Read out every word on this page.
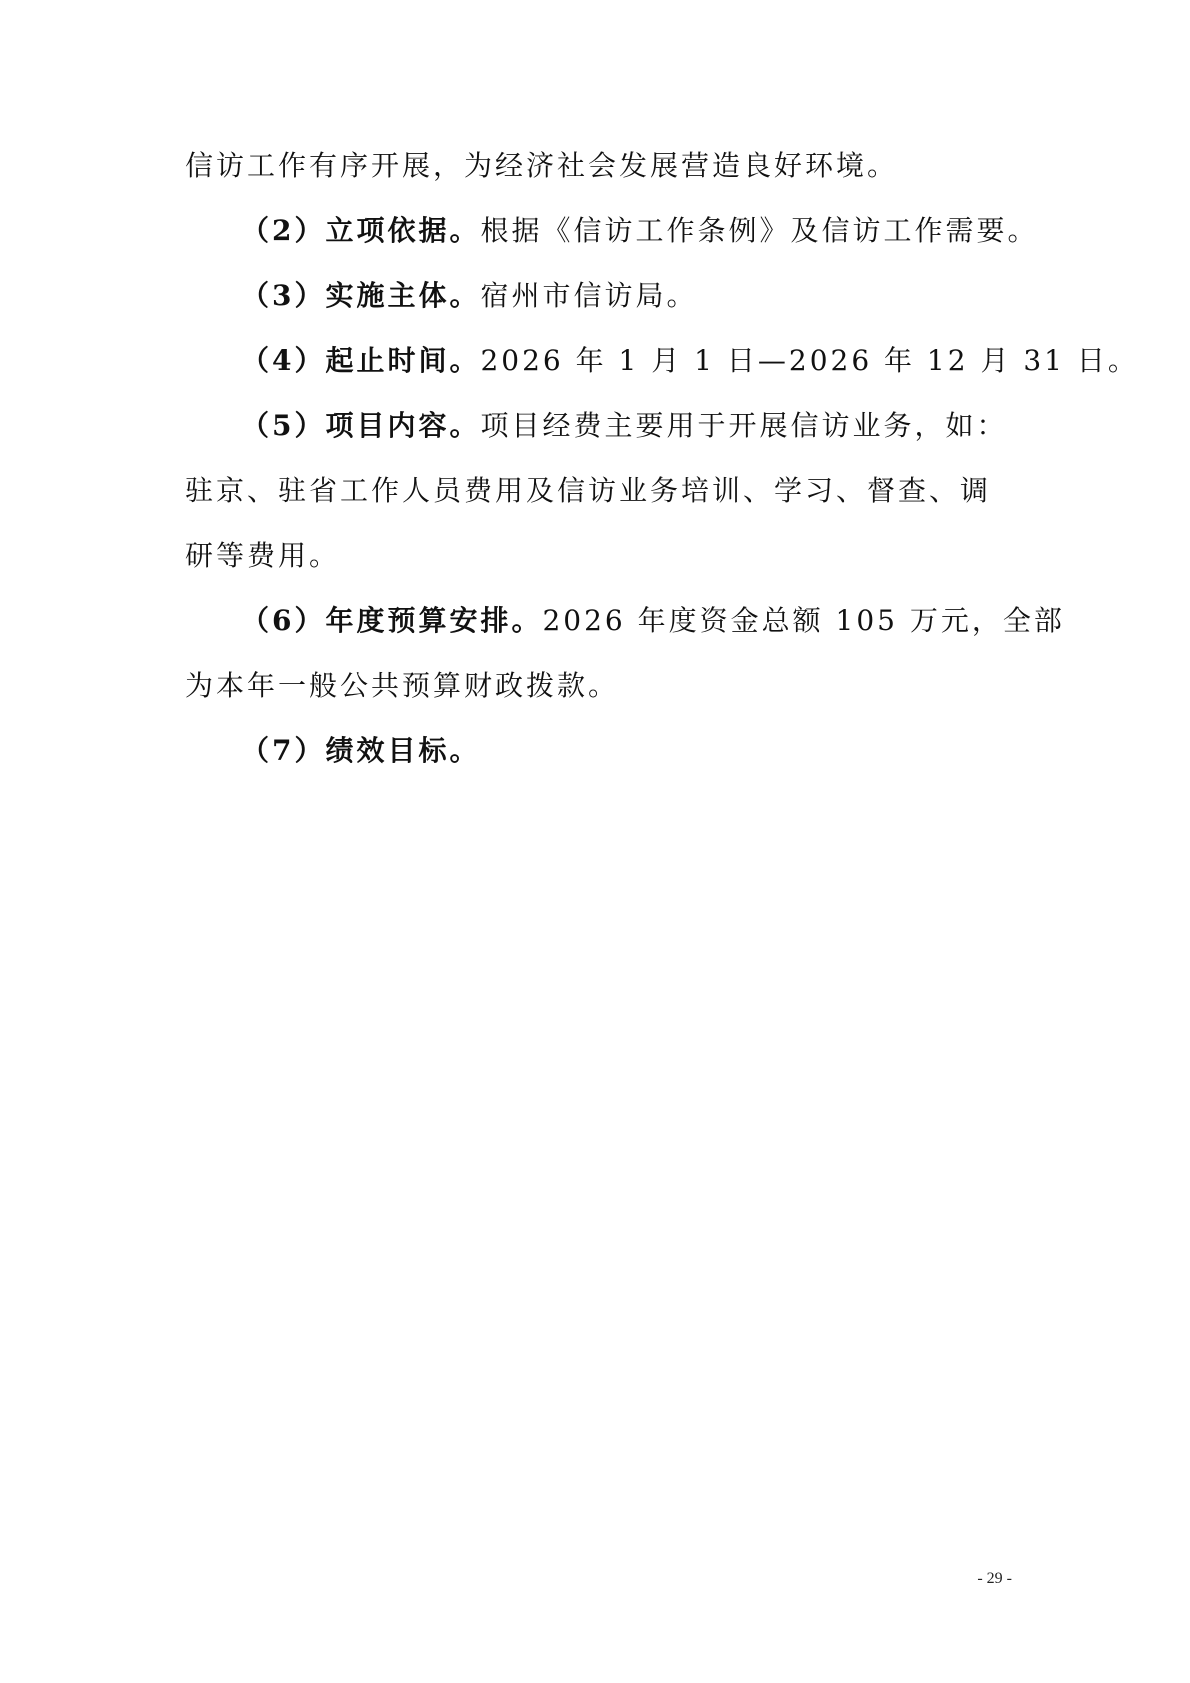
信访工作有序开展，为经济社会发展营造良好环境。
（2）立项依据。根据《信访工作条例》及信访工作需要。
（3）实施主体。宿州市信访局。
（4）起止时间。2026 年 1 月 1 日—2026 年 12 月 31 日。
（5）项目内容。项目经费主要用于开展信访业务，如：
驻京、驻省工作人员费用及信访业务培训、学习、督查、调
研等费用。
（6）年度预算安排。2026 年度资金总额 105 万元，全部
为本年一般公共预算财政拨款。
（7）绩效目标。
- 29 -
